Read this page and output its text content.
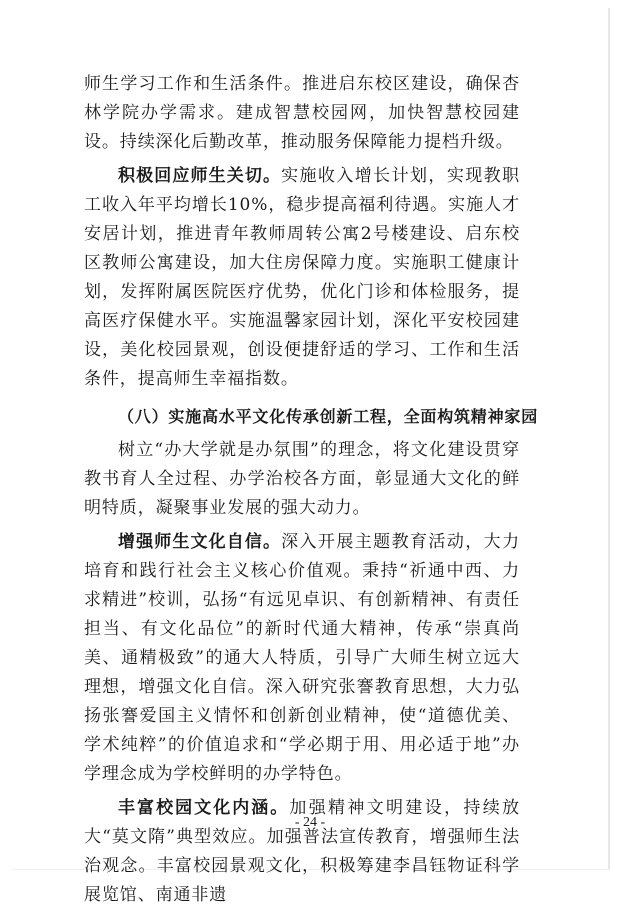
师生学习工作和生活条件。推进启东校区建设，确保杏林学院办学需求。建成智慧校园网，加快智慧校园建设。持续深化后勤改革，推动服务保障能力提档升级。

积极回应师生关切。实施收入增长计划，实现教职工收入年平均增长10%，稳步提高福利待遇。实施人才安居计划，推进青年教师周转公寓2号楼建设、启东校区教师公寓建设，加大住房保障力度。实施职工健康计划，发挥附属医院医疗优势，优化门诊和体检服务，提高医疗保健水平。实施温馨家园计划，深化平安校园建设，美化校园景观，创设便捷舒适的学习、工作和生活条件，提高师生幸福指数。

（八）实施高水平文化传承创新工程，全面构筑精神家园

树立“办大学就是办氛围”的理念，将文化建设贯穿教书育人全过程、办学治校各方面，彰显通大文化的鲜明特质，凝聚事业发展的强大动力。

增强师生文化自信。深入开展主题教育活动，大力培育和践行社会主义核心价值观。秉持“祈通中西、力求精进”校训，弘扬“有远见卓识、有创新精神、有责任担当、有文化品位”的新时代通大精神，传承“崇真尚美、通精极致”的通大人特质，引导广大师生树立远大理想，增强文化自信。深入研究张謇教育思想，大力弘扬张謇爱国主义情怀和创新创业精神，使“道德优美、学术纯粹”的价值追求和“学必期于用、用必适于地”办学理念成为学校鲜明的办学特色。

丰富校园文化内涵。加强精神文明建设，持续放大“莫文隋”典型效应。加强普法宣传教育，增强师生法治观念。丰富校园景观文化，积极筹建李昌钰物证科学展览馆、南通非遗

- 24 -
